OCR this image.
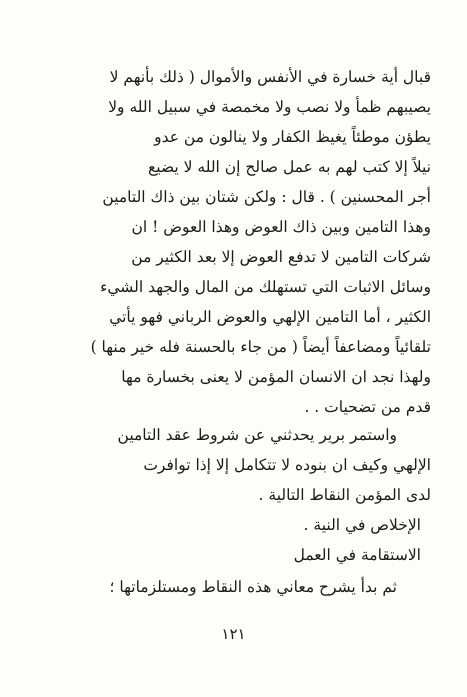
قبال أية خسارة في الأنفس والأموال ( ذلك بأنهم لا
يصيبهم ظمأ ولا نصب ولا مخمصة في سبيل الله ولا
يطؤن موطئاً يغيظ الكفار ولا ينالون من عدو
نيلاً إلا كتب لهم به عمل صالح إن الله لا يضيع
أجر المحسنين ) . قال : ولكن شتان بين ذاك التامين
وهذا التامين وبين ذاك العوض وهذا العوض ! ان
شركات التامين لا تدفع العوض إلا بعد الكثير من
وسائل الاثبات التي تستهلك من المال والجهد الشيء
الكثير ، أما التامين الإلهي والعوض الرباني فهو يأتي
تلقائياً ومضاعفاً أيضاً ( من جاء بالحسنة فله خير منها )
ولهذا نجد ان الانسان المؤمن لا يعنى بخسارة مها
قدم من تضحيات . .
واستمر برير يحدثني عن شروط عقد التامين
الإلهي وكيف ان بنوده لا تتكامل إلا إذا توافرت
لدى المؤمن النقاط التالية .
الإخلاص في النية .
الاستقامة في العمل
ثم بدأ يشرح معاني هذه النقاط ومستلزماتها ؛
١٢١
